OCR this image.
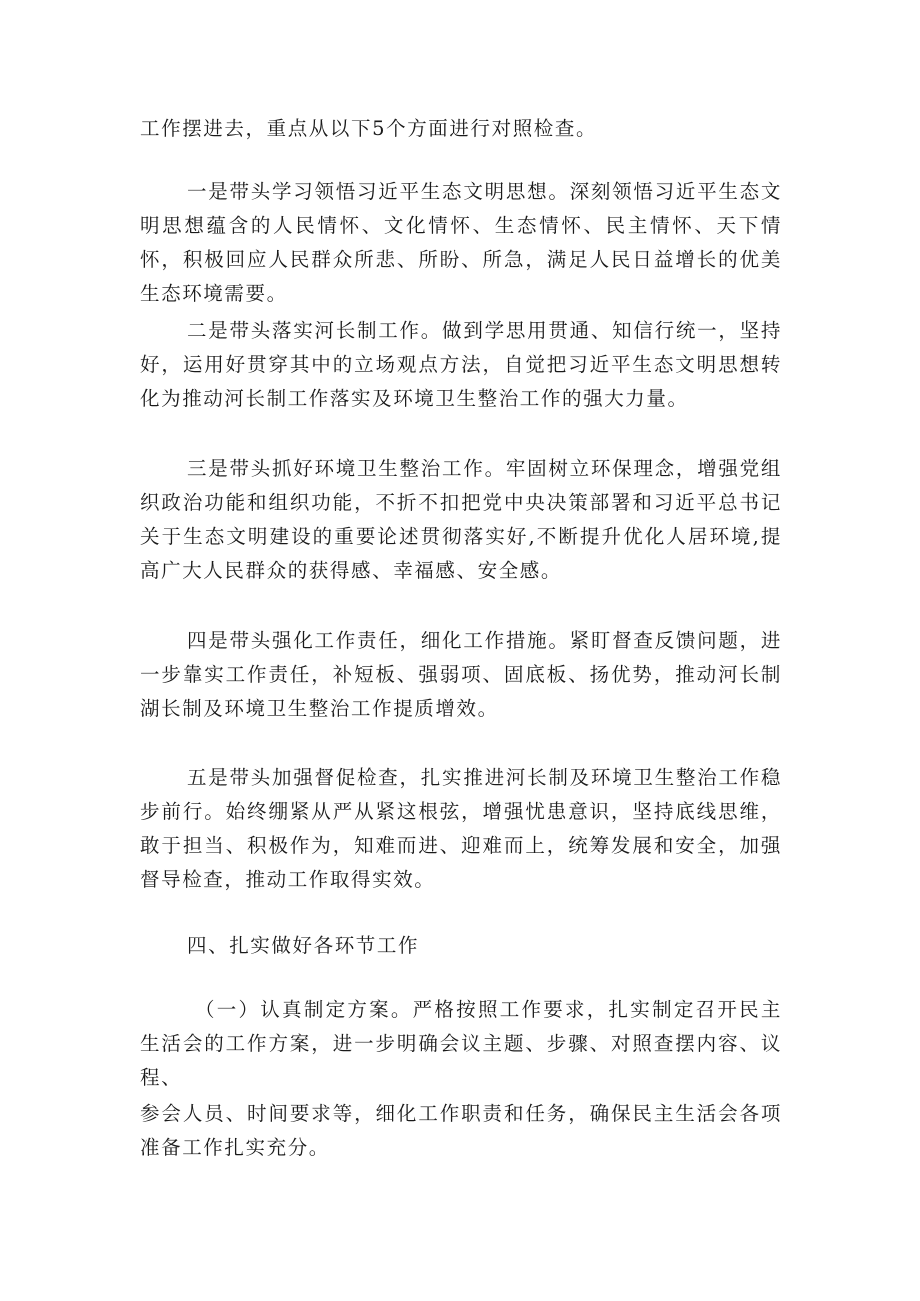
工作摆进去，重点从以下5个方面进行对照检查。

一是带头学习领悟习近平生态文明思想。深刻领悟习近平生态文明思想蕴含的人民情怀、文化情怀、生态情怀、民主情怀、天下情怀，积极回应人民群众所悲、所盼、所急，满足人民日益增长的优美生态环境需要。

二是带头落实河长制工作。做到学思用贯通、知信行统一，坚持好，运用好贯穿其中的立场观点方法，自觉把习近平生态文明思想转化为推动河长制工作落实及环境卫生整治工作的强大力量。

三是带头抓好环境卫生整治工作。牢固树立环保理念，增强党组织政治功能和组织功能，不折不扣把党中央决策部署和习近平总书记关于生态文明建设的重要论述贯彻落实好,不断提升优化人居环境,提高广大人民群众的获得感、幸福感、安全感。

四是带头强化工作责任，细化工作措施。紧盯督查反馈问题，进一步靠实工作责任，补短板、强弱项、固底板、扬优势，推动河长制湖长制及环境卫生整治工作提质增效。

五是带头加强督促检查，扎实推进河长制及环境卫生整治工作稳步前行。始终绷紧从严从紧这根弦，增强忧患意识，坚持底线思维，敢于担当、积极作为，知难而进、迎难而上，统筹发展和安全，加强督导检查，推动工作取得实效。

四、扎实做好各环节工作

（一）认真制定方案。严格按照工作要求，扎实制定召开民主生活会的工作方案，进一步明确会议主题、步骤、对照查摆内容、议程、

参会人员、时间要求等，细化工作职责和任务，确保民主生活会各项准备工作扎实充分。
